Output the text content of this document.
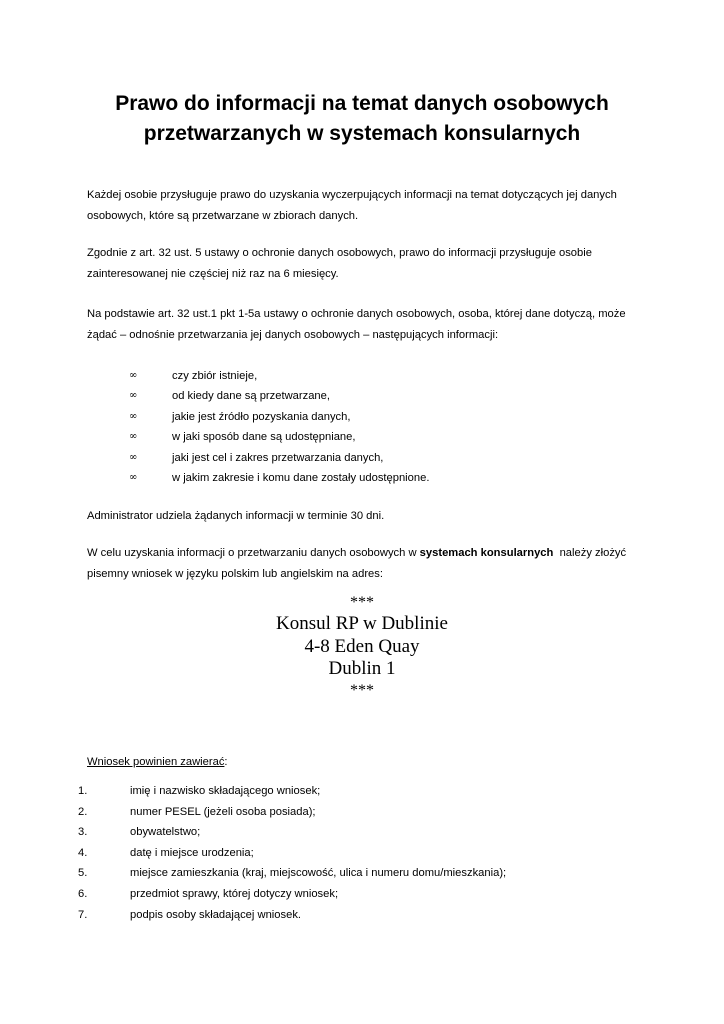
Prawo do informacji na temat danych osobowych
przetwarzanych w systemach konsularnych
Każdej osobie przysługuje prawo do uzyskania wyczerpujących informacji na temat dotyczących jej danych
osobowych, które są przetwarzane w zbiorach danych.
Zgodnie z art. 32 ust. 5 ustawy o ochronie danych osobowych, prawo do informacji przysługuje osobie
zainteresowanej nie częściej niż raz na 6 miesięcy.
Na podstawie art. 32 ust.1 pkt 1-5a ustawy o ochronie danych osobowych, osoba, której dane dotyczą, może
żądać – odnośnie przetwarzania jej danych osobowych – następujących informacji:
∞	czy zbiór istnieje,
∞	od kiedy dane są przetwarzane,
∞	jakie jest źródło pozyskania danych,
∞	w jaki sposób dane są udostępniane,
∞	jaki jest cel i zakres przetwarzania danych,
∞	w jakim zakresie i komu dane zostały udostępnione.
Administrator udziela żądanych informacji w terminie 30 dni.
W celu uzyskania informacji o przetwarzaniu danych osobowych w systemach konsularnych  należy złożyć
pisemny wniosek w języku polskim lub angielskim na adres:
***
Konsul RP w Dublinie
4-8 Eden Quay
Dublin 1
***
Wniosek powinien zawierać:
1.	imię i nazwisko składającego wniosek;
2.	numer PESEL (jeżeli osoba posiada);
3.	obywatelstwo;
4.	datę i miejsce urodzenia;
5.	miejsce zamieszkania (kraj, miejscowość, ulica i numeru domu/mieszkania);
6.	przedmiot sprawy, której dotyczy wniosek;
7.	podpis osoby składającej wniosek.
